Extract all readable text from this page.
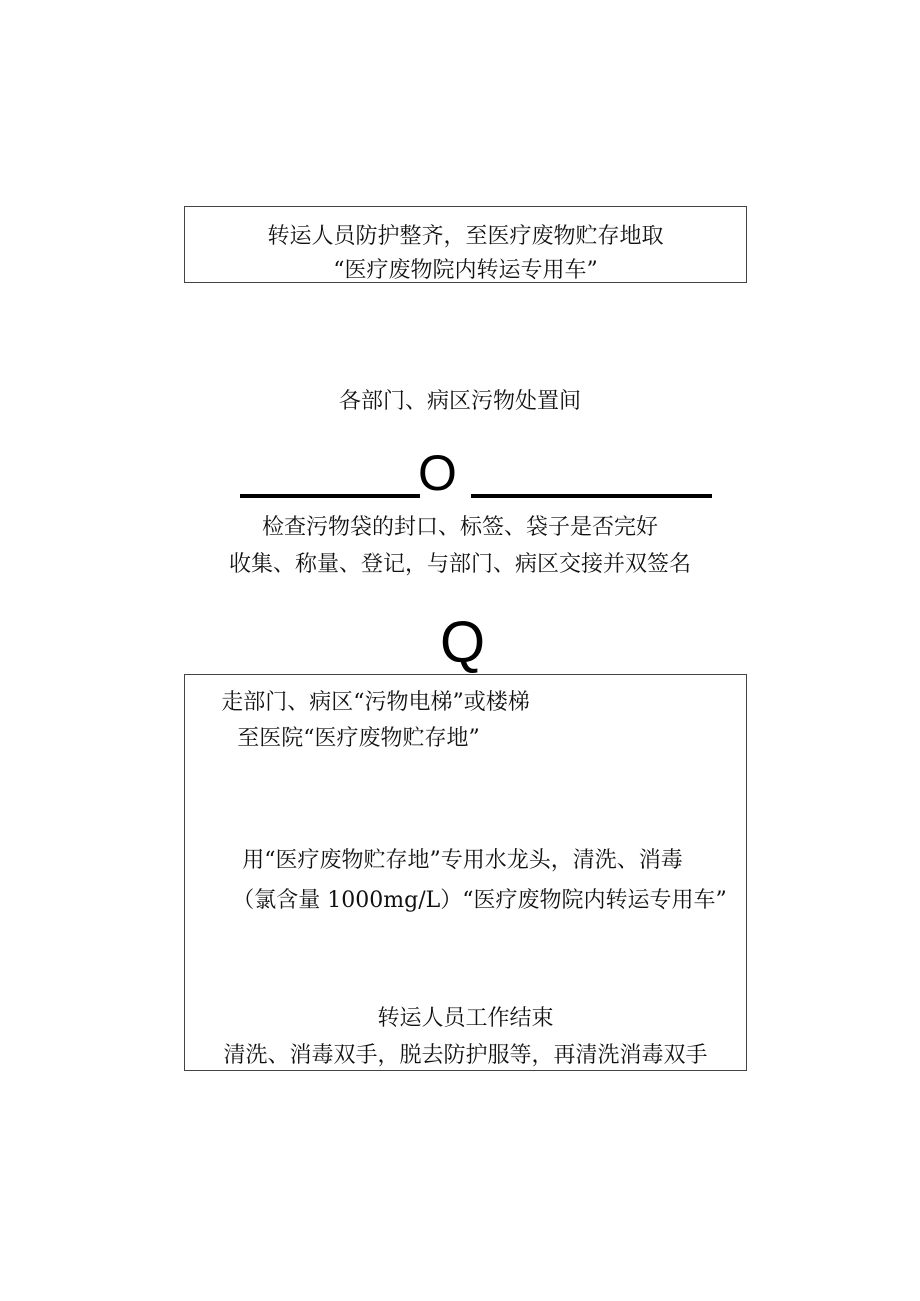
转运人员防护整齐，至医疗废物贮存地取
“医疗废物院内转运专用车”
各部门、病区污物处置间
O
检查污物袋的封口、标签、袋子是否完好
收集、称量、登记，与部门、病区交接并双签名
Q
走部门、病区“污物电梯”或楼梯
至医院“医疗废物贮存地”
用“医疗废物贮存地”专用水龙头，清洗、消毒
（氯含量 1000mg/L）“医疗废物院内转运专用车”
转运人员工作结束
清洗、消毒双手，脱去防护服等，再清洗消毒双手
